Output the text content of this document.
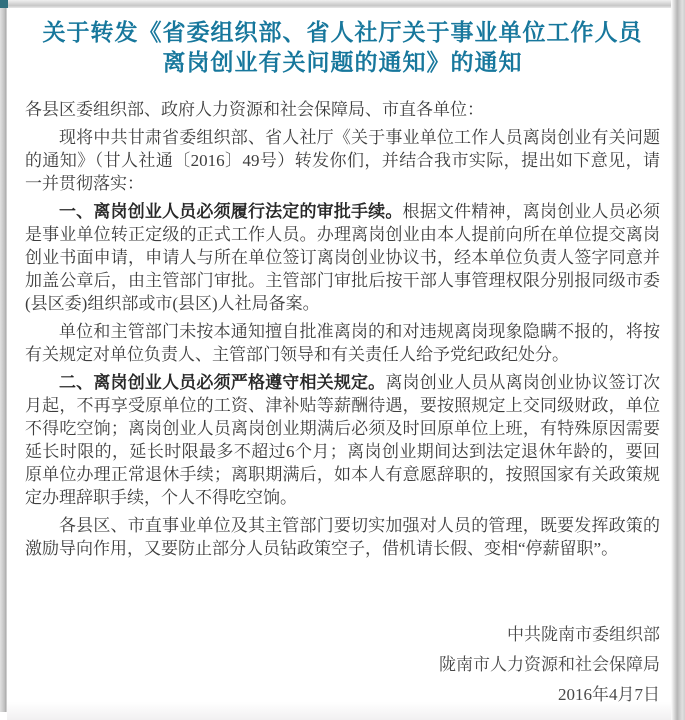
关于转发《省委组织部、省人社厅关于事业单位工作人员
离岗创业有关问题的通知》的通知

各县区委组织部、政府人力资源和社会保障局、市直各单位：

现将中共甘肃省委组织部、省人社厅《关于事业单位工作人员离岗创业有关问题的通知》（甘人社通〔2016〕49号）转发你们，并结合我市实际，提出如下意见，请一并贯彻落实：

一、离岗创业人员必须履行法定的审批手续。根据文件精神，离岗创业人员必须是事业单位转正定级的正式工作人员。办理离岗创业由本人提前向所在单位提交离岗创业书面申请，申请人与所在单位签订离岗创业协议书，经本单位负责人签字同意并加盖公章后，由主管部门审批。主管部门审批后按干部人事管理权限分别报同级市委(县区委)组织部或市(县区)人社局备案。

单位和主管部门未按本通知擅自批准离岗的和对违规离岗现象隐瞒不报的，将按有关规定对单位负责人、主管部门领导和有关责任人给予党纪政纪处分。

二、离岗创业人员必须严格遵守相关规定。离岗创业人员从离岗创业协议签订次月起，不再享受原单位的工资、津补贴等薪酬待遇，要按照规定上交同级财政，单位不得吃空饷；离岗创业人员离岗创业期满后必须及时回原单位上班，有特殊原因需要延长时限的，延长时限最多不超过6个月；离岗创业期间达到法定退休年龄的，要回原单位办理正常退休手续；离职期满后，如本人有意愿辞职的，按照国家有关政策规定办理辞职手续，个人不得吃空饷。

各县区、市直事业单位及其主管部门要切实加强对人员的管理，既要发挥政策的激励导向作用，又要防止部分人员钻政策空子，借机请长假、变相“停薪留职”。

中共陇南市委组织部
陇南市人力资源和社会保障局
2016年4月7日
